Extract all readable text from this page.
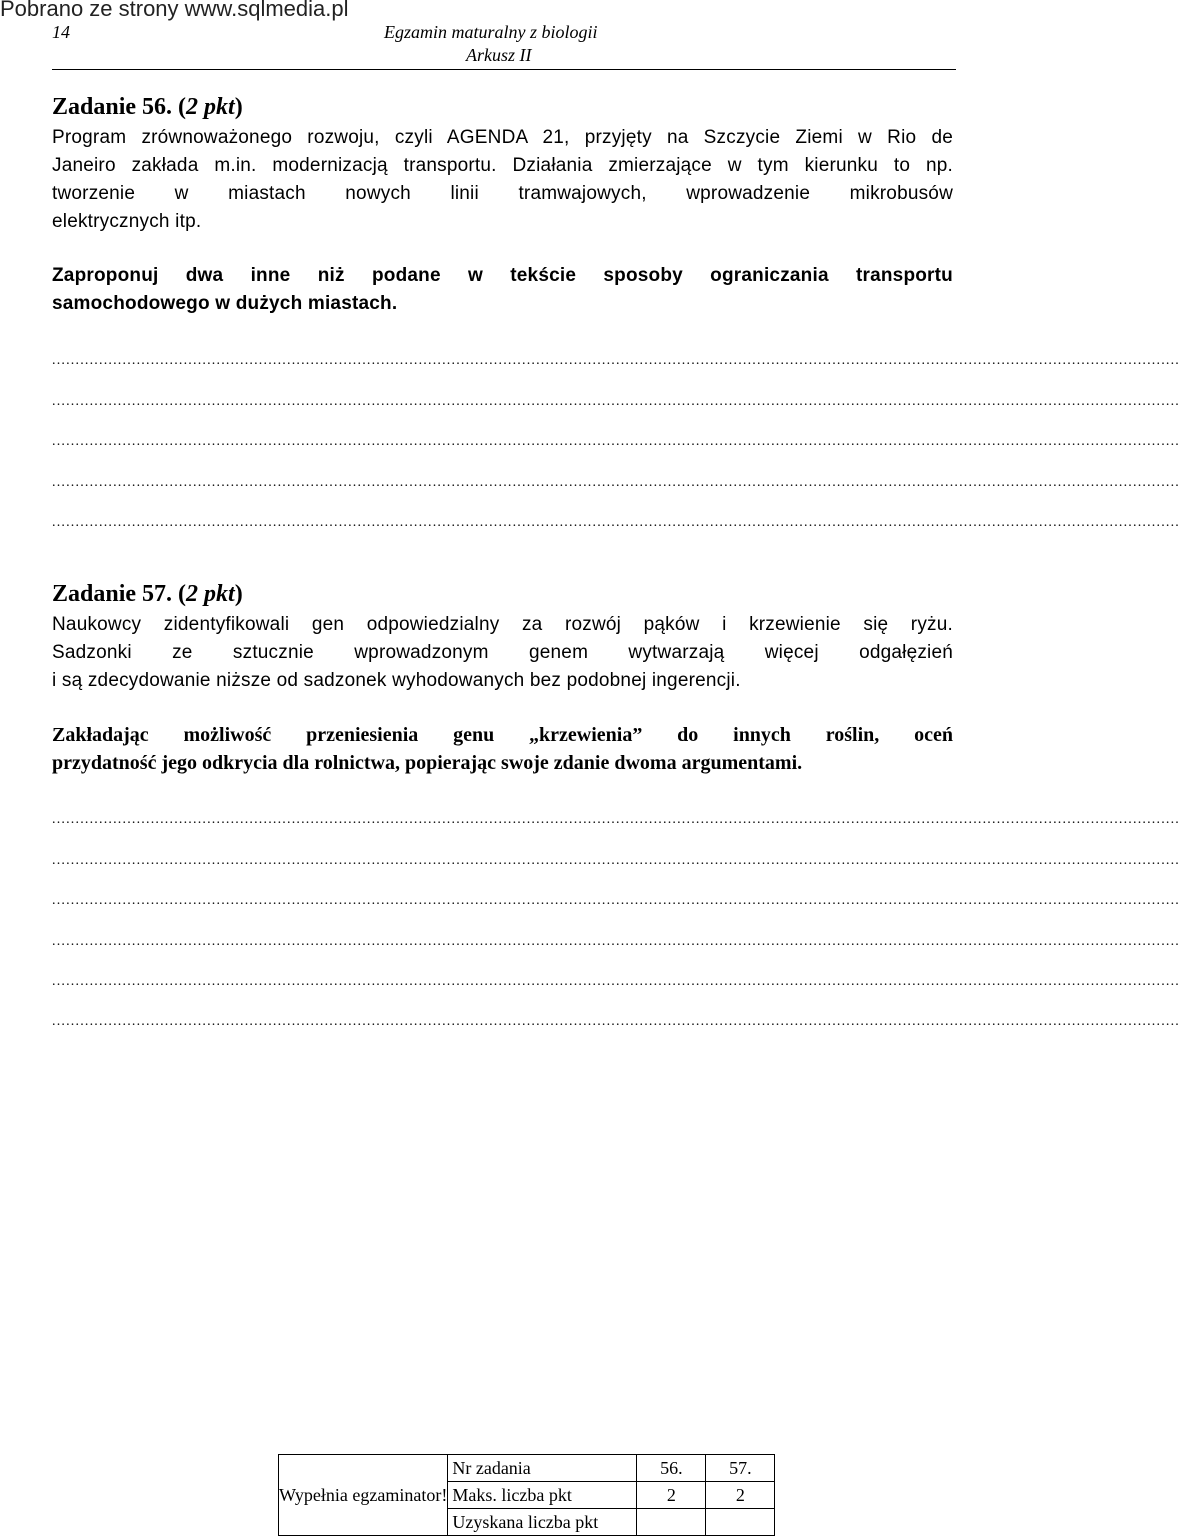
Pobrano ze strony www.sqlmedia.pl
14	Egzamin maturalny z biologii
Arkusz II
Zadanie 56. (2 pkt)
Program zrównoważonego rozwoju, czyli AGENDA 21, przyjęty na Szczycie Ziemi w Rio de
Janeiro zakłada m.in. modernizacją transportu. Działania zmierzające w tym kierunku to np.
tworzenie w miastach nowych linii tramwajowych, wprowadzenie mikrobusów
elektrycznych itp.
Zaproponuj dwa inne niż podane w tekście sposoby ograniczania transportu
samochodowego w dużych miastach.
................................................................................................................................................................................................................................................
................................................................................................................................................................................................................................................
................................................................................................................................................................................................................................................
................................................................................................................................................................................................................................................
................................................................................................................................................................................................................................................
Zadanie 57. (2 pkt)
Naukowcy zidentyfikowali gen odpowiedzialny za rozwój pąków i krzewienie się ryżu.
Sadzonki ze sztucznie wprowadzonym genem wytwarzają więcej odgałęzień
i są zdecydowanie niższe od sadzonek wyhodowanych bez podobnej ingerencji.
Zakładając możliwość przeniesienia genu „krzewienia” do innych roślin, oceń
przydatność jego odkrycia dla rolnictwa, popierając swoje zdanie dwoma argumentami.
................................................................................................................................................................................................................................................
................................................................................................................................................................................................................................................
................................................................................................................................................................................................................................................
................................................................................................................................................................................................................................................
................................................................................................................................................................................................................................................
................................................................................................................................................................................................................................................
Wypełnia egzaminator!	Nr zadania	56.	57.
	Maks. liczba pkt	2	2
	Uzyskana liczba pkt		
